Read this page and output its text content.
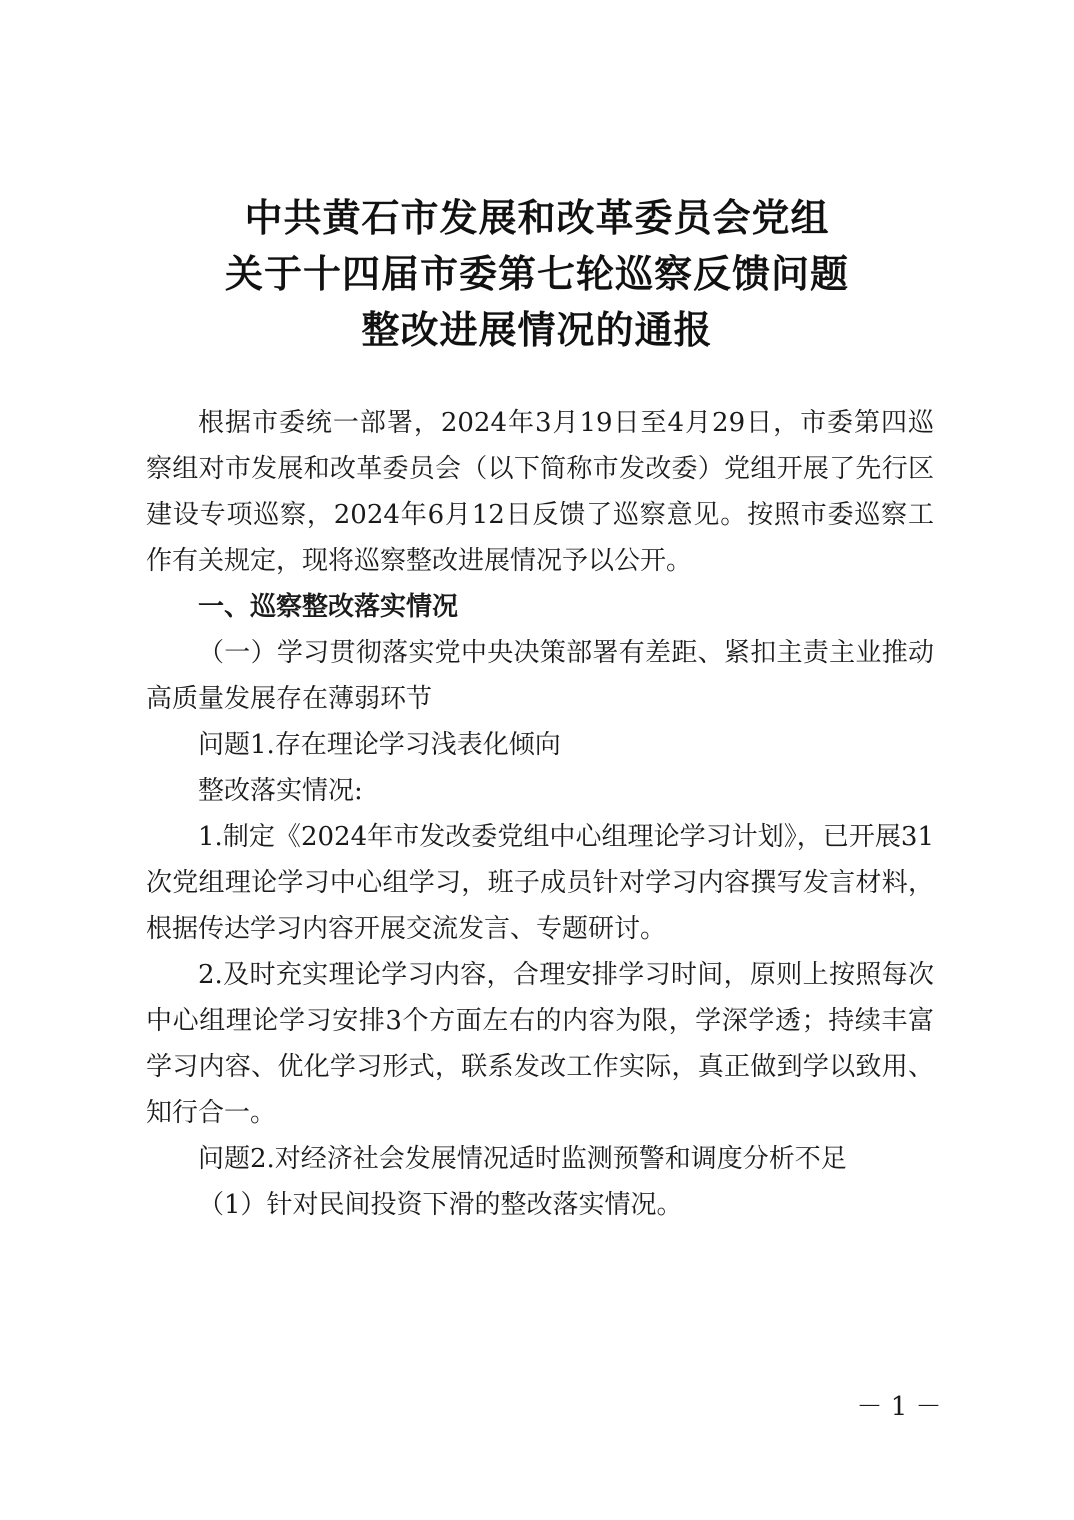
中共黄石市发展和改革委员会党组
关于十四届市委第七轮巡察反馈问题
整改进展情况的通报

根据市委统一部署，2024年3月19日至4月29日，市委第四巡察组对市发展和改革委员会（以下简称市发改委）党组开展了先行区建设专项巡察，2024年6月12日反馈了巡察意见。按照市委巡察工作有关规定，现将巡察整改进展情况予以公开。

一、巡察整改落实情况

（一）学习贯彻落实党中央决策部署有差距、紧扣主责主业推动高质量发展存在薄弱环节

问题1.存在理论学习浅表化倾向

整改落实情况:

1.制定《2024年市发改委党组中心组理论学习计划》，已开展31次党组理论学习中心组学习，班子成员针对学习内容撰写发言材料，根据传达学习内容开展交流发言、专题研讨。

2.及时充实理论学习内容，合理安排学习时间，原则上按照每次中心组理论学习安排3个方面左右的内容为限，学深学透；持续丰富学习内容、优化学习形式，联系发改工作实际，真正做到学以致用、知行合一。

问题2.对经济社会发展情况适时监测预警和调度分析不足

（1）针对民间投资下滑的整改落实情况。

－ 1 －
